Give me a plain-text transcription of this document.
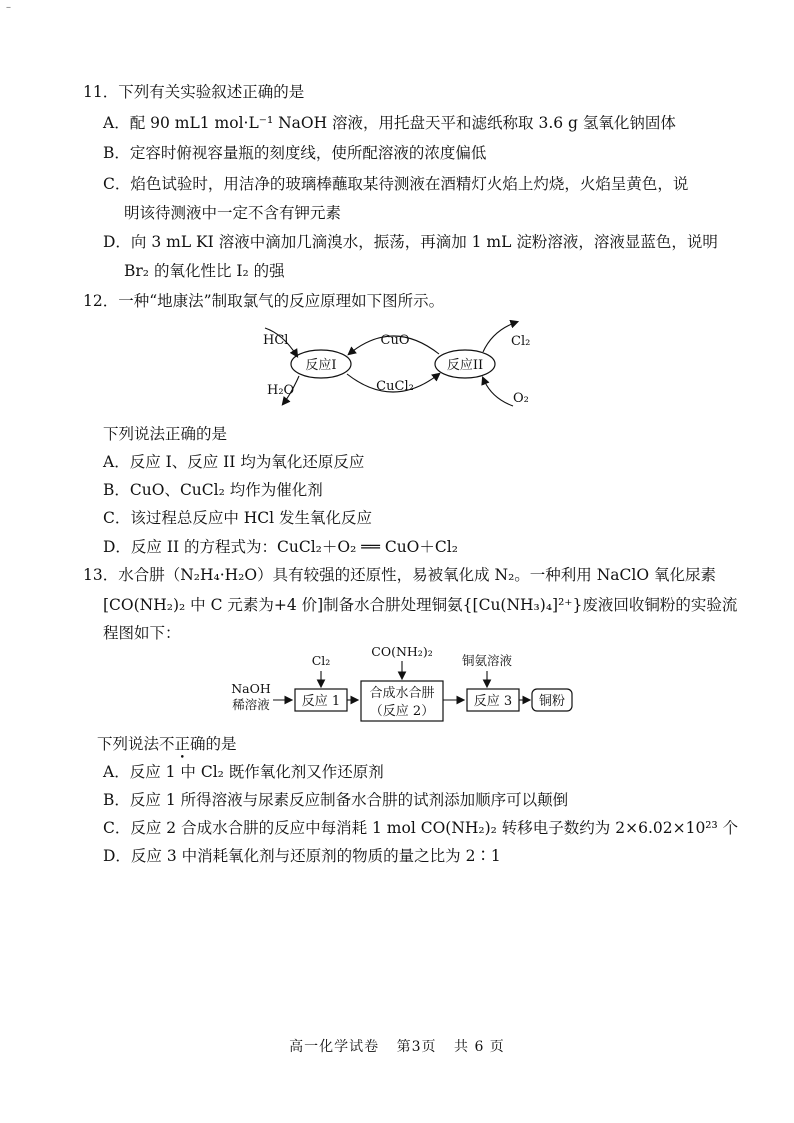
–
11．下列有关实验叙述正确的是
A．配 90 mL1 mol·L⁻¹ NaOH 溶液，用托盘天平和滤纸称取 3.6 g 氢氧化钠固体
B．定容时俯视容量瓶的刻度线，使所配溶液的浓度偏低
C．焰色试验时，用洁净的玻璃棒蘸取某待测液在酒精灯火焰上灼烧，火焰呈黄色，说
明该待测液中一定不含有钾元素
D．向 3 mL KI 溶液中滴加几滴溴水，振荡，再滴加 1 mL 淀粉溶液，溶液显蓝色，说明
Br₂ 的氧化性比 I₂ 的强
12．一种“地康法”制取氯气的反应原理如下图所示。
反应I	反应II
CuO
CuCl₂
HCl
H₂O
Cl₂
O₂
下列说法正确的是
A．反应 I、反应 II 均为氧化还原反应
B．CuO、CuCl₂ 均作为催化剂
C．该过程总反应中 HCl 发生氧化反应
D．反应 II 的方程式为：CuCl₂＋O₂ ══ CuO＋Cl₂
13．水合肼（N₂H₄·H₂O）具有较强的还原性，易被氧化成 N₂。一种利用 NaClO 氧化尿素
[CO(NH₂)₂ 中 C 元素为+4 价]制备水合肼处理铜氨{[Cu(NH₃)₄]²⁺}废液回收铜粉的实验流
程图如下：
NaOH
稀溶液 反应 1
Cl₂
合成水合肼
（反应 2）
CO(NH₂)₂
反应 3
铜氨溶液
铜粉
下列说法不正确的是
A．反应 1 中 Cl₂ 既作氧化剂又作还原剂
B．反应 1 所得溶液与尿素反应制备水合肼的试剂添加顺序可以颠倒
C．反应 2 合成水合肼的反应中每消耗 1 mol CO(NH₂)₂ 转移电子数约为 2×6.02×10²³ 个
D．反应 3 中消耗氧化剂与还原剂的物质的量之比为 2∶1
高一化学试卷 第3页 共 6 页
